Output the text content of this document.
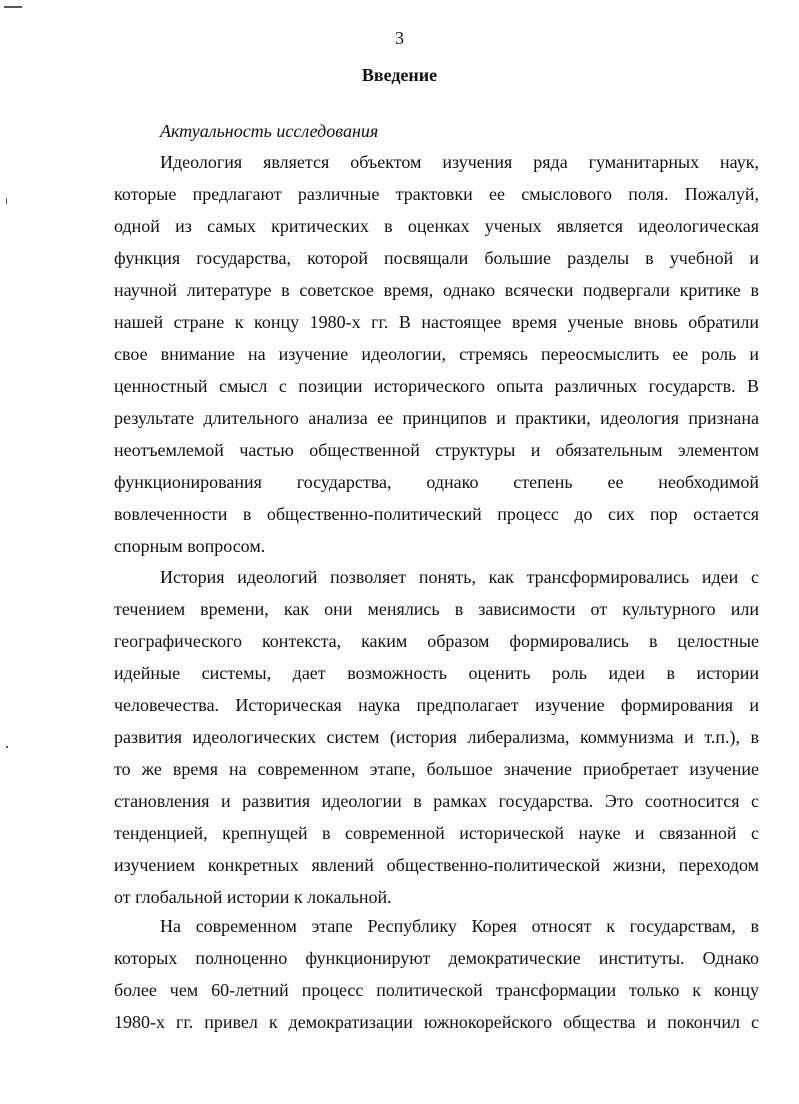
3
Введение
Актуальность исследования
Идеология является объектом изучения ряда гуманитарных наук,
которые предлагают различные трактовки ее смыслового поля. Пожалуй,
одной из самых критических в оценках ученых является идеологическая
функция государства, которой посвящали большие разделы в учебной и
научной литературе в советское время, однако всячески подвергали критике в
нашей стране к концу 1980-х гг. В настоящее время ученые вновь обратили
свое внимание на изучение идеологии, стремясь переосмыслить ее роль и
ценностный смысл с позиции исторического опыта различных государств. В
результате длительного анализа ее принципов и практики, идеология признана
неотъемлемой частью общественной структуры и обязательным элементом
функционирования государства, однако степень ее необходимой
вовлеченности в общественно-политический процесс до сих пор остается
спорным вопросом.
История идеологий позволяет понять, как трансформировались идеи с
течением времени, как они менялись в зависимости от культурного или
географического контекста, каким образом формировались в целостные
идейные системы, дает возможность оценить роль идеи в истории
человечества. Историческая наука предполагает изучение формирования и
развития идеологических систем (история либерализма, коммунизма и т.п.), в
то же время на современном этапе, большое значение приобретает изучение
становления и развития идеологии в рамках государства. Это соотносится с
тенденцией, крепнущей в современной исторической науке и связанной с
изучением конкретных явлений общественно-политической жизни, переходом
от глобальной истории к локальной.
На современном этапе Республику Корея относят к государствам, в
которых полноценно функционируют демократические институты. Однако
более чем 60-летний процесс политической трансформации только к концу
1980-х гг. привел к демократизации южнокорейского общества и покончил с
